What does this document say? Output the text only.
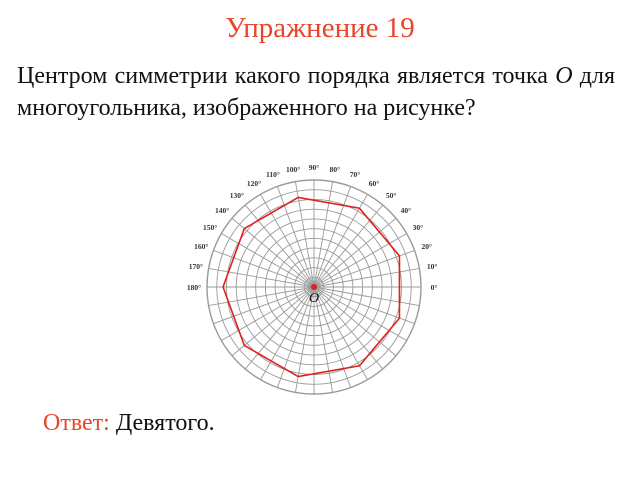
Упражнение 19
Центром симметрии какого порядка является точка O для многоугольника, изображенного на рисунке?
0°
10°
20°
30°
40°
50°
60°
70°
80°
90°
100°
110°
120°
130°
140°
150°
160°
170°
180°
O
Ответ: Девятого.
